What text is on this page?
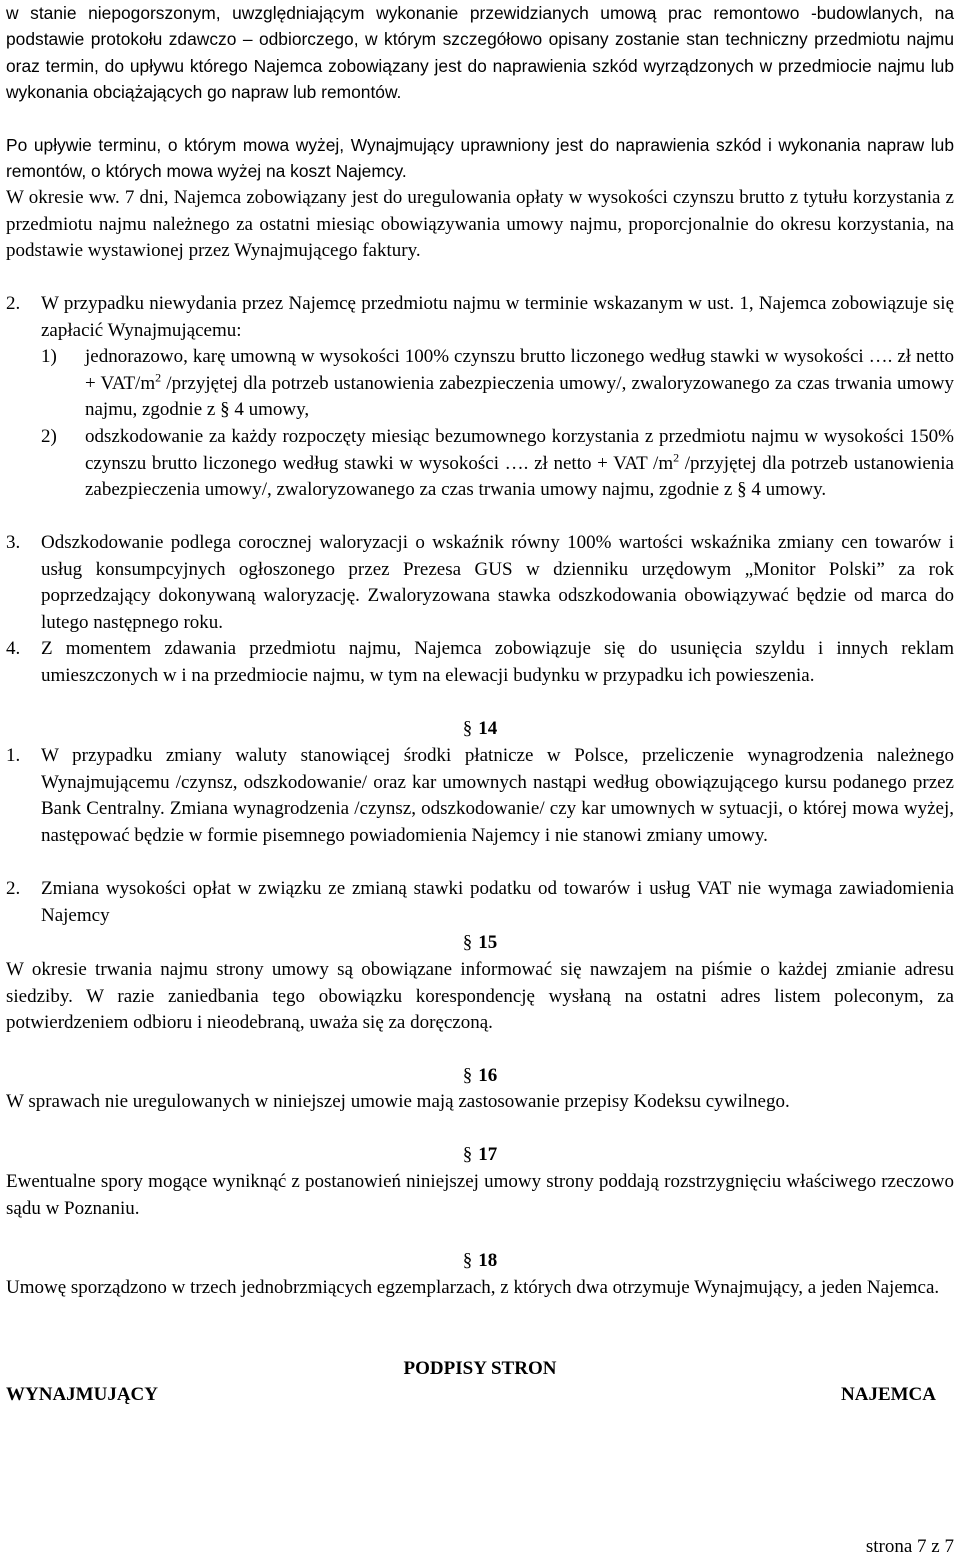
w stanie niepogorszonym, uwzględniającym wykonanie przewidzianych umową prac remontowo -budowlanych, na podstawie protokołu zdawczo – odbiorczego, w którym szczegółowo opisany zostanie stan techniczny przedmiotu najmu oraz termin, do upływu którego Najemca zobowiązany jest do naprawienia szkód wyrządzonych w przedmiocie najmu lub wykonania obciążających go napraw lub remontów.

Po upływie terminu, o którym mowa wyżej, Wynajmujący uprawniony jest do naprawienia szkód i wykonania napraw lub remontów, o których mowa wyżej na koszt Najemcy.

W okresie ww. 7 dni, Najemca zobowiązany jest do uregulowania opłaty w wysokości czynszu brutto z tytułu korzystania z przedmiotu najmu należnego za ostatni miesiąc obowiązywania umowy najmu, proporcjonalnie do okresu korzystania, na podstawie wystawionej przez Wynajmującego faktury.

2. W przypadku niewydania przez Najemcę przedmiotu najmu w terminie wskazanym w ust. 1, Najemca zobowiązuje się zapłacić Wynajmującemu:

1) jednorazowo, karę umowną w wysokości 100% czynszu brutto liczonego według stawki w wysokości …. zł netto + VAT/$m^2$ /przyjętej dla potrzeb ustanowienia zabezpieczenia umowy/, zwaloryzowanego za czas trwania umowy najmu, zgodnie z § 4 umowy,

2) odszkodowanie za każdy rozpoczęty miesiąc bezumownego korzystania z przedmiotu najmu w wysokości 150% czynszu brutto liczonego według stawki w wysokości …. zł netto + VAT $/m^2$ /przyjętej dla potrzeb ustanowienia zabezpieczenia umowy/, zwaloryzowanego za czas trwania umowy najmu, zgodnie z § 4 umowy.

3. Odszkodowanie podlega corocznej waloryzacji o wskaźnik równy 100% wartości wskaźnika zmiany cen towarów i usług konsumpcyjnych ogłoszonego przez Prezesa GUS w dzienniku urzędowym „Monitor Polski” za rok poprzedzający dokonywaną waloryzację. Zwaloryzowana stawka odszkodowania obowiązywać będzie od marca do lutego następnego roku.

4. Z momentem zdawania przedmiotu najmu, Najemca zobowiązuje się do usunięcia szyldu i innych reklam umieszczonych w i na przedmiocie najmu, w tym na elewacji budynku w przypadku ich powieszenia.

§ 14

1. W przypadku zmiany waluty stanowiącej środki płatnicze w Polsce, przeliczenie wynagrodzenia należnego Wynajmującemu /czynsz, odszkodowanie/ oraz kar umownych nastąpi według obowiązującego kursu podanego przez Bank Centralny. Zmiana wynagrodzenia /czynsz, odszkodowanie/ czy kar umownych w sytuacji, o której mowa wyżej, następować będzie w formie pisemnego powiadomienia Najemcy i nie stanowi zmiany umowy.

2. Zmiana wysokości opłat w związku ze zmianą stawki podatku od towarów i usług VAT nie wymaga zawiadomienia Najemcy

§ 15

W okresie trwania najmu strony umowy są obowiązane informować się nawzajem na piśmie o każdej zmianie adresu siedziby. W razie zaniedbania tego obowiązku korespondencję wysłaną na ostatni adres listem poleconym, za potwierdzeniem odbioru i nieodebraną, uważa się za doręczoną.

§ 16

W sprawach nie uregulowanych w niniejszej umowie mają zastosowanie przepisy Kodeksu cywilnego.

§ 17

Ewentualne spory mogące wyniknąć z postanowień niniejszej umowy strony poddają rozstrzygnięciu właściwego rzeczowo sądu w Poznaniu.

§ 18

Umowę sporządzono w trzech jednobrzmiących egzemplarzach, z których dwa otrzymuje Wynajmujący, a jeden Najemca.

PODPISY STRON
WYNAJMUJĄCY	NAJEMCA
strona 7 z 7
